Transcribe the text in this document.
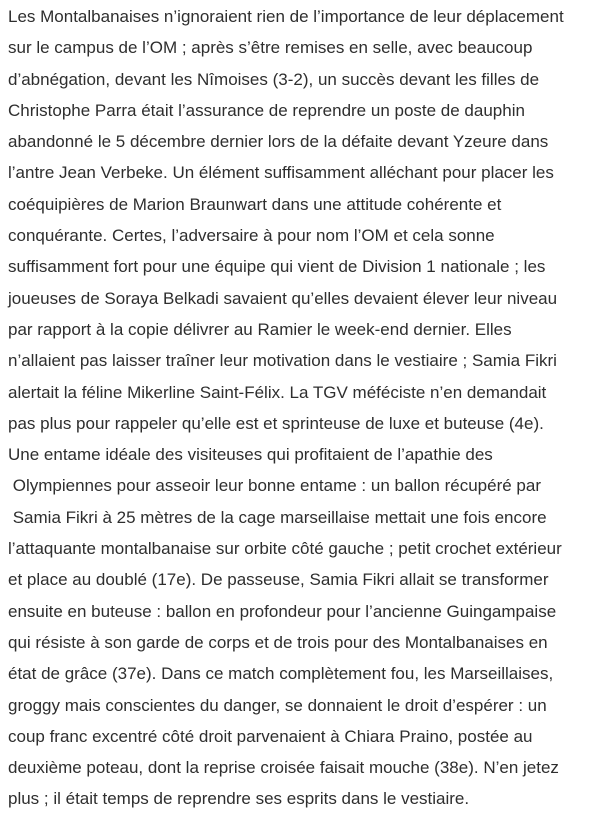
Les Montalbanaises n’ignoraient rien de l’importance de leur déplacement
sur le campus de l’OM ; après s’être remises en selle, avec beaucoup
d’abnégation, devant les Nîmoises (3-2), un succès devant les filles de
Christophe Parra était l’assurance de reprendre un poste de dauphin
abandonné le 5 décembre dernier lors de la défaite devant Yzeure dans
l’antre Jean Verbeke. Un élément suffisamment alléchant pour placer les
coéquipières de Marion Braunwart dans une attitude cohérente et
conquérante. Certes, l’adversaire à pour nom l’OM et cela sonne
suffisamment fort pour une équipe qui vient de Division 1 nationale ; les
joueuses de Soraya Belkadi savaient qu’elles devaient élever leur niveau
par rapport à la copie délivrer au Ramier le week-end dernier. Elles
n’allaient pas laisser traîner leur motivation dans le vestiaire ; Samia Fikri
alertait la féline Mikerline Saint-Félix. La TGV méféciste n’en demandait
pas plus pour rappeler qu’elle est et sprinteuse de luxe et buteuse (4e).
Une entame idéale des visiteuses qui profitaient de l’apathie des
Olympiennes pour asseoir leur bonne entame : un ballon récupéré par
Samia Fikri à 25 mètres de la cage marseillaise mettait une fois encore
l’attaquante montalbanaise sur orbite côté gauche ; petit crochet extérieur
et place au doublé (17e). De passeuse, Samia Fikri allait se transformer
ensuite en buteuse : ballon en profondeur pour l’ancienne Guingampaise
qui résiste à son garde de corps et de trois pour des Montalbanaises en
état de grâce (37e). Dans ce match complètement fou, les Marseillaises,
groggy mais conscientes du danger, se donnaient le droit d’espérer : un
coup franc excentré côté droit parvenaient à Chiara Praino, postée au
deuxième poteau, dont la reprise croisée faisait mouche (38e). N’en jetez
plus ; il était temps de reprendre ses esprits dans le vestiaire.
